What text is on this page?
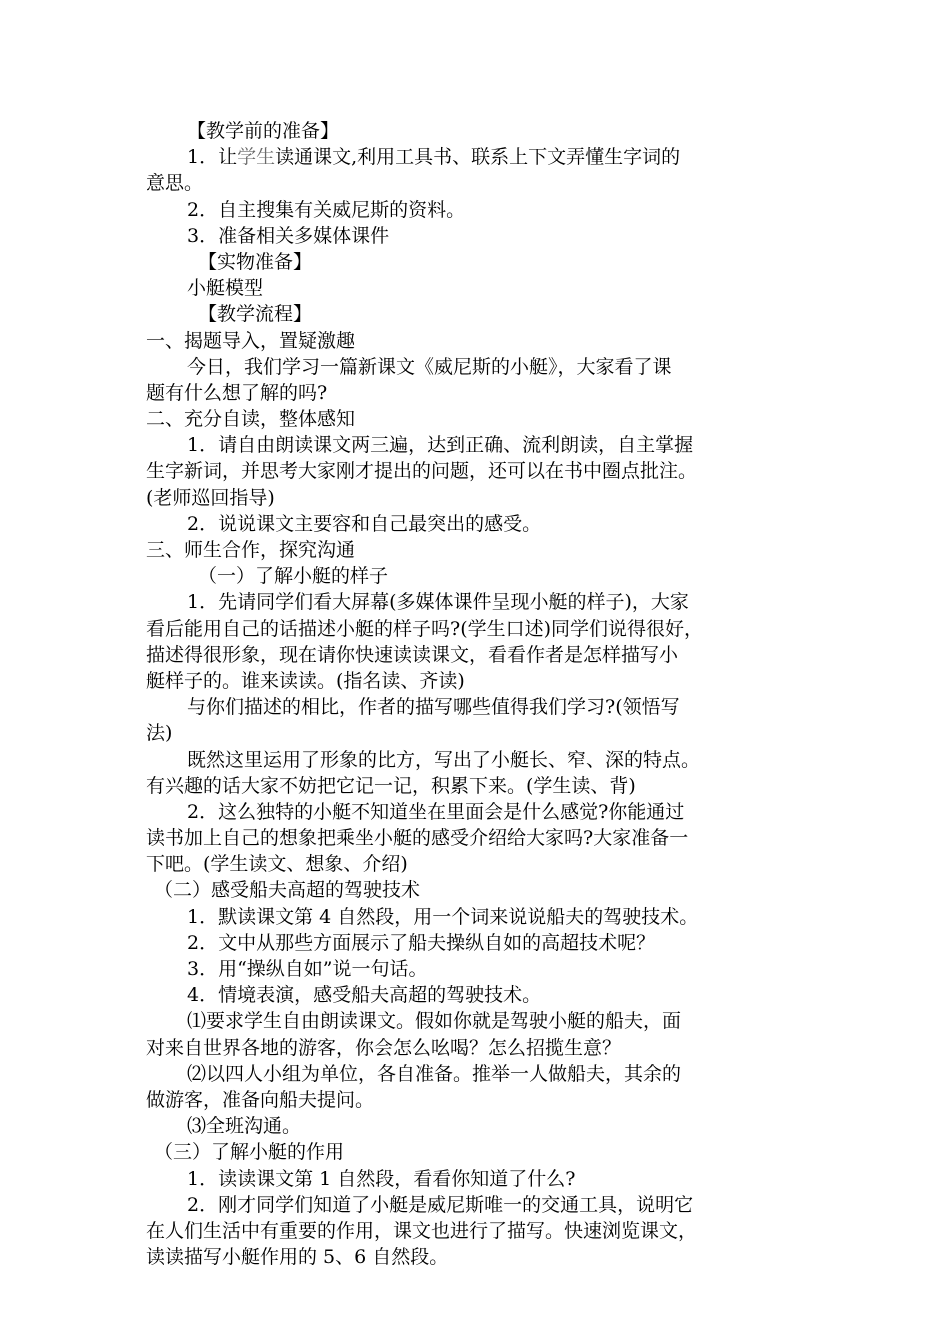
【教学前的准备】
1．让学生读通课文,利用工具书、联系上下文弄懂生字词的
意思。
2．自主搜集有关威尼斯的资料。
3．准备相关多媒体课件
【实物准备】
小艇模型
【教学流程】
一、揭题导入，置疑激趣
今日，我们学习一篇新课文《威尼斯的小艇》，大家看了课
题有什么想了解的吗?
二、充分自读，整体感知
1．请自由朗读课文两三遍，达到正确、流利朗读，自主掌握
生字新词，并思考大家刚才提出的问题，还可以在书中圈点批注。
(老师巡回指导)
2．说说课文主要容和自己最突出的感受。
三、师生合作，探究沟通
（一）了解小艇的样子
1．先请同学们看大屏幕(多媒体课件呈现小艇的样子)，大家
看后能用自己的话描述小艇的样子吗?(学生口述)同学们说得很好，
描述得很形象，现在请你快速读读课文，看看作者是怎样描写小
艇样子的。谁来读读。(指名读、齐读)
与你们描述的相比，作者的描写哪些值得我们学习?(领悟写
法)
既然这里运用了形象的比方，写出了小艇长、窄、深的特点。
有兴趣的话大家不妨把它记一记，积累下来。(学生读、背)
2．这么独特的小艇不知道坐在里面会是什么感觉?你能通过
读书加上自己的想象把乘坐小艇的感受介绍给大家吗?大家准备一
下吧。(学生读文、想象、介绍)
（二）感受船夫高超的驾驶技术
1．默读课文第 4 自然段，用一个词来说说船夫的驾驶技术。
2．文中从那些方面展示了船夫操纵自如的高超技术呢？
3．用“操纵自如”说一句话。
4．情境表演，感受船夫高超的驾驶技术。
⑴要求学生自由朗读课文。假如你就是驾驶小艇的船夫，面
对来自世界各地的游客，你会怎么吆喝？怎么招揽生意？
⑵以四人小组为单位，各自准备。推举一人做船夫，其余的
做游客，准备向船夫提问。
⑶全班沟通。
（三）了解小艇的作用
1．读读课文第 1 自然段，看看你知道了什么?
2．刚才同学们知道了小艇是威尼斯唯一的交通工具，说明它
在人们生活中有重要的作用，课文也进行了描写。快速浏览课文，
读读描写小艇作用的 5、6 自然段。
